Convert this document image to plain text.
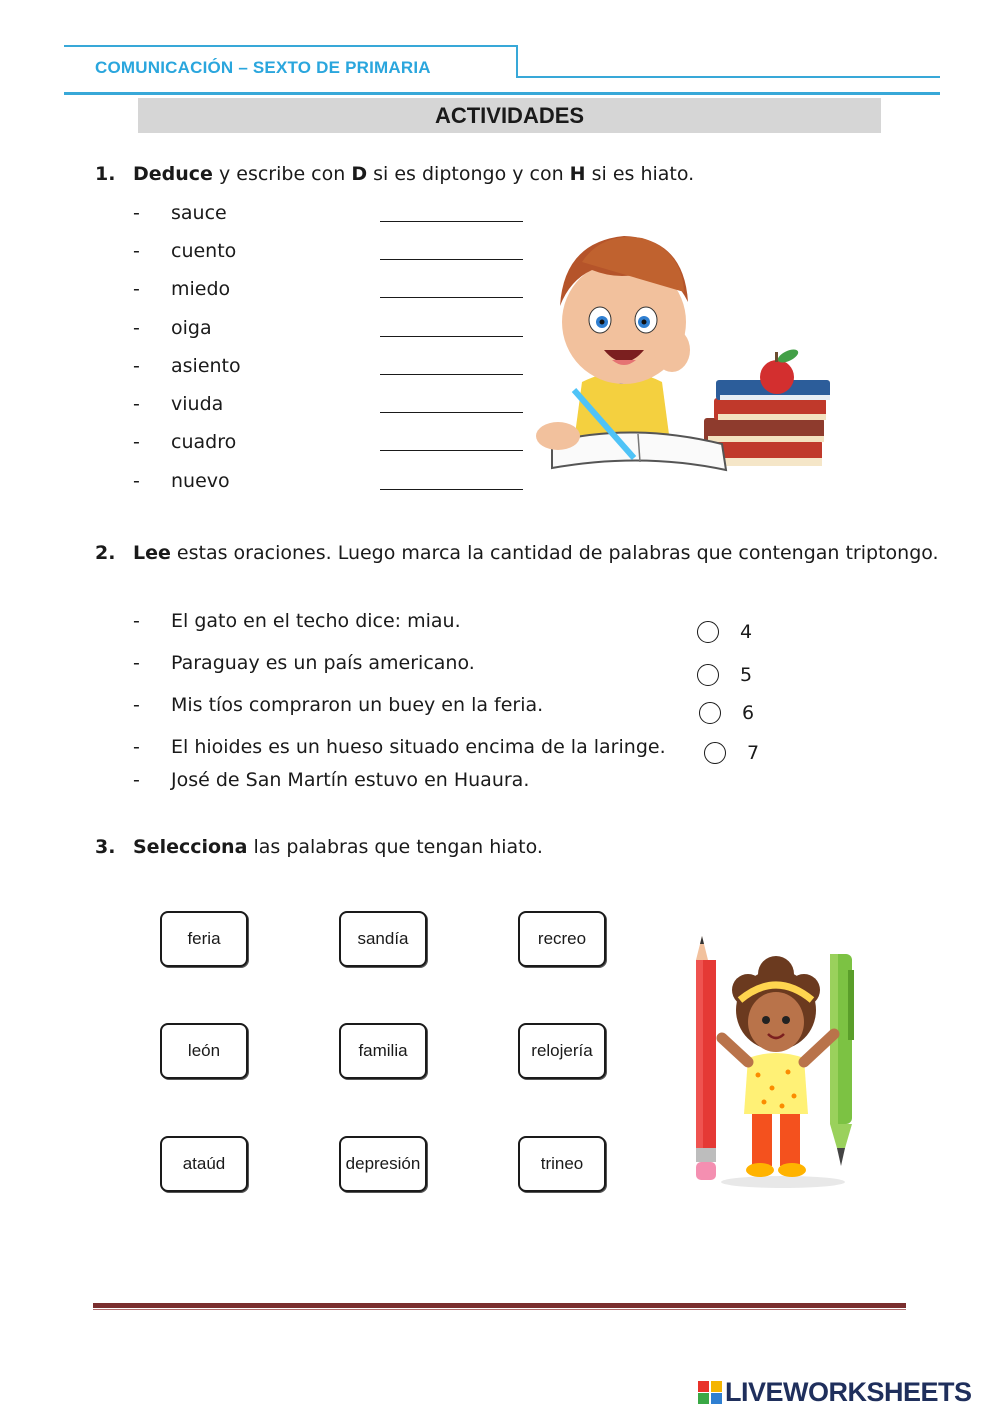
COMUNICACIÓN – SEXTO DE PRIMARIA
ACTIVIDADES
1. Deduce y escribe con D si es diptongo y con H si es hiato.
- sauce
- cuento
- miedo
- oiga
- asiento
- viuda
- cuadro
- nuevo
2. Lee estas oraciones. Luego marca la cantidad de palabras que contengan triptongo.
- El gato en el techo dice: miau.
- Paraguay es un país americano.
- Mis tíos compraron un buey en la feria.
- El hioides es un hueso situado encima de la laringe.
- José de San Martín estuvo en Huaura.
4
5
6
7
3. Selecciona las palabras que tengan hiato.
feria	sandía	recreo
león	familia	relojería
ataúd	depresión	trineo
LIVEWORKSHEETS
